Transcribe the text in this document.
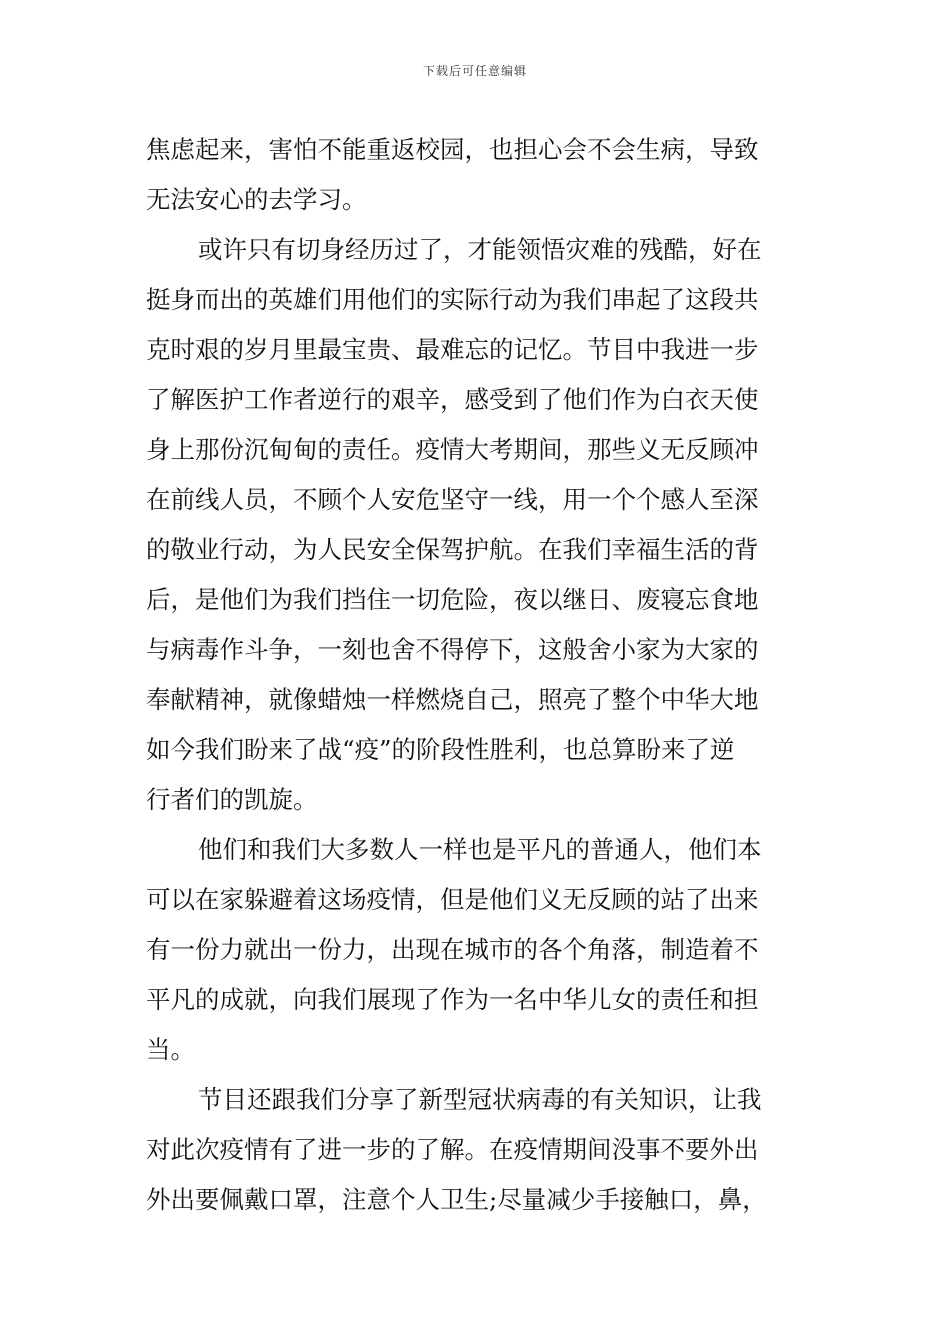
下载后可任意编辑
焦虑起来，害怕不能重返校园，也担心会不会生病，导致
无法安心的去学习。
或许只有切身经历过了，才能领悟灾难的残酷，好在
挺身而出的英雄们用他们的实际行动为我们串起了这段共
克时艰的岁月里最宝贵、最难忘的记忆。节目中我进一步
了解医护工作者逆行的艰辛，感受到了他们作为白衣天使
身上那份沉甸甸的责任。疫情大考期间，那些义无反顾冲
在前线人员，不顾个人安危坚守一线，用一个个感人至深
的敬业行动，为人民安全保驾护航。在我们幸福生活的背
后，是他们为我们挡住一切危险，夜以继日、废寝忘食地
与病毒作斗争，一刻也舍不得停下，这般舍小家为大家的
奉献精神，就像蜡烛一样燃烧自己，照亮了整个中华大地
如今我们盼来了战“疫”的阶段性胜利，也总算盼来了逆
行者们的凯旋。
他们和我们大多数人一样也是平凡的普通人，他们本
可以在家躲避着这场疫情，但是他们义无反顾的站了出来
有一份力就出一份力，出现在城市的各个角落，制造着不
平凡的成就，向我们展现了作为一名中华儿女的责任和担
当。
节目还跟我们分享了新型冠状病毒的有关知识，让我
对此次疫情有了进一步的了解。在疫情期间没事不要外出
外出要佩戴口罩，注意个人卫生;尽量减少手接触口，鼻，
